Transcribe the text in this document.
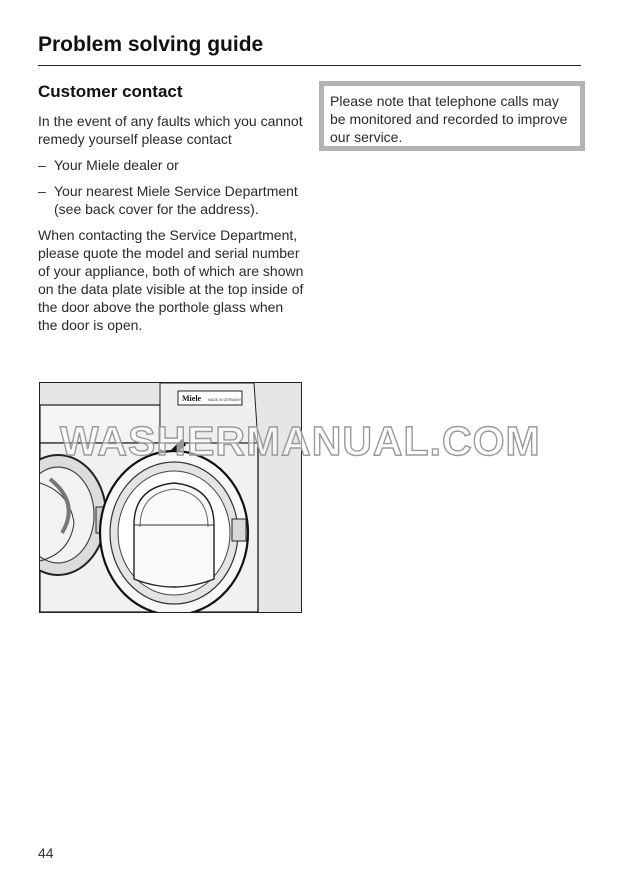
Problem solving guide
Customer contact

In the event of any faults which you cannot remedy yourself please contact

– Your Miele dealer or
– Your nearest Miele Service Department (see back cover for the address).

When contacting the Service Department, please quote the model and serial number of your appliance, both of which are shown on the data plate visible at the top inside of the door above the porthole glass when the door is open.

Please note that telephone calls may be monitored and recorded to improve our service.
Miele MADE IN GERMANY
WASHERMANUAL.COM
44
